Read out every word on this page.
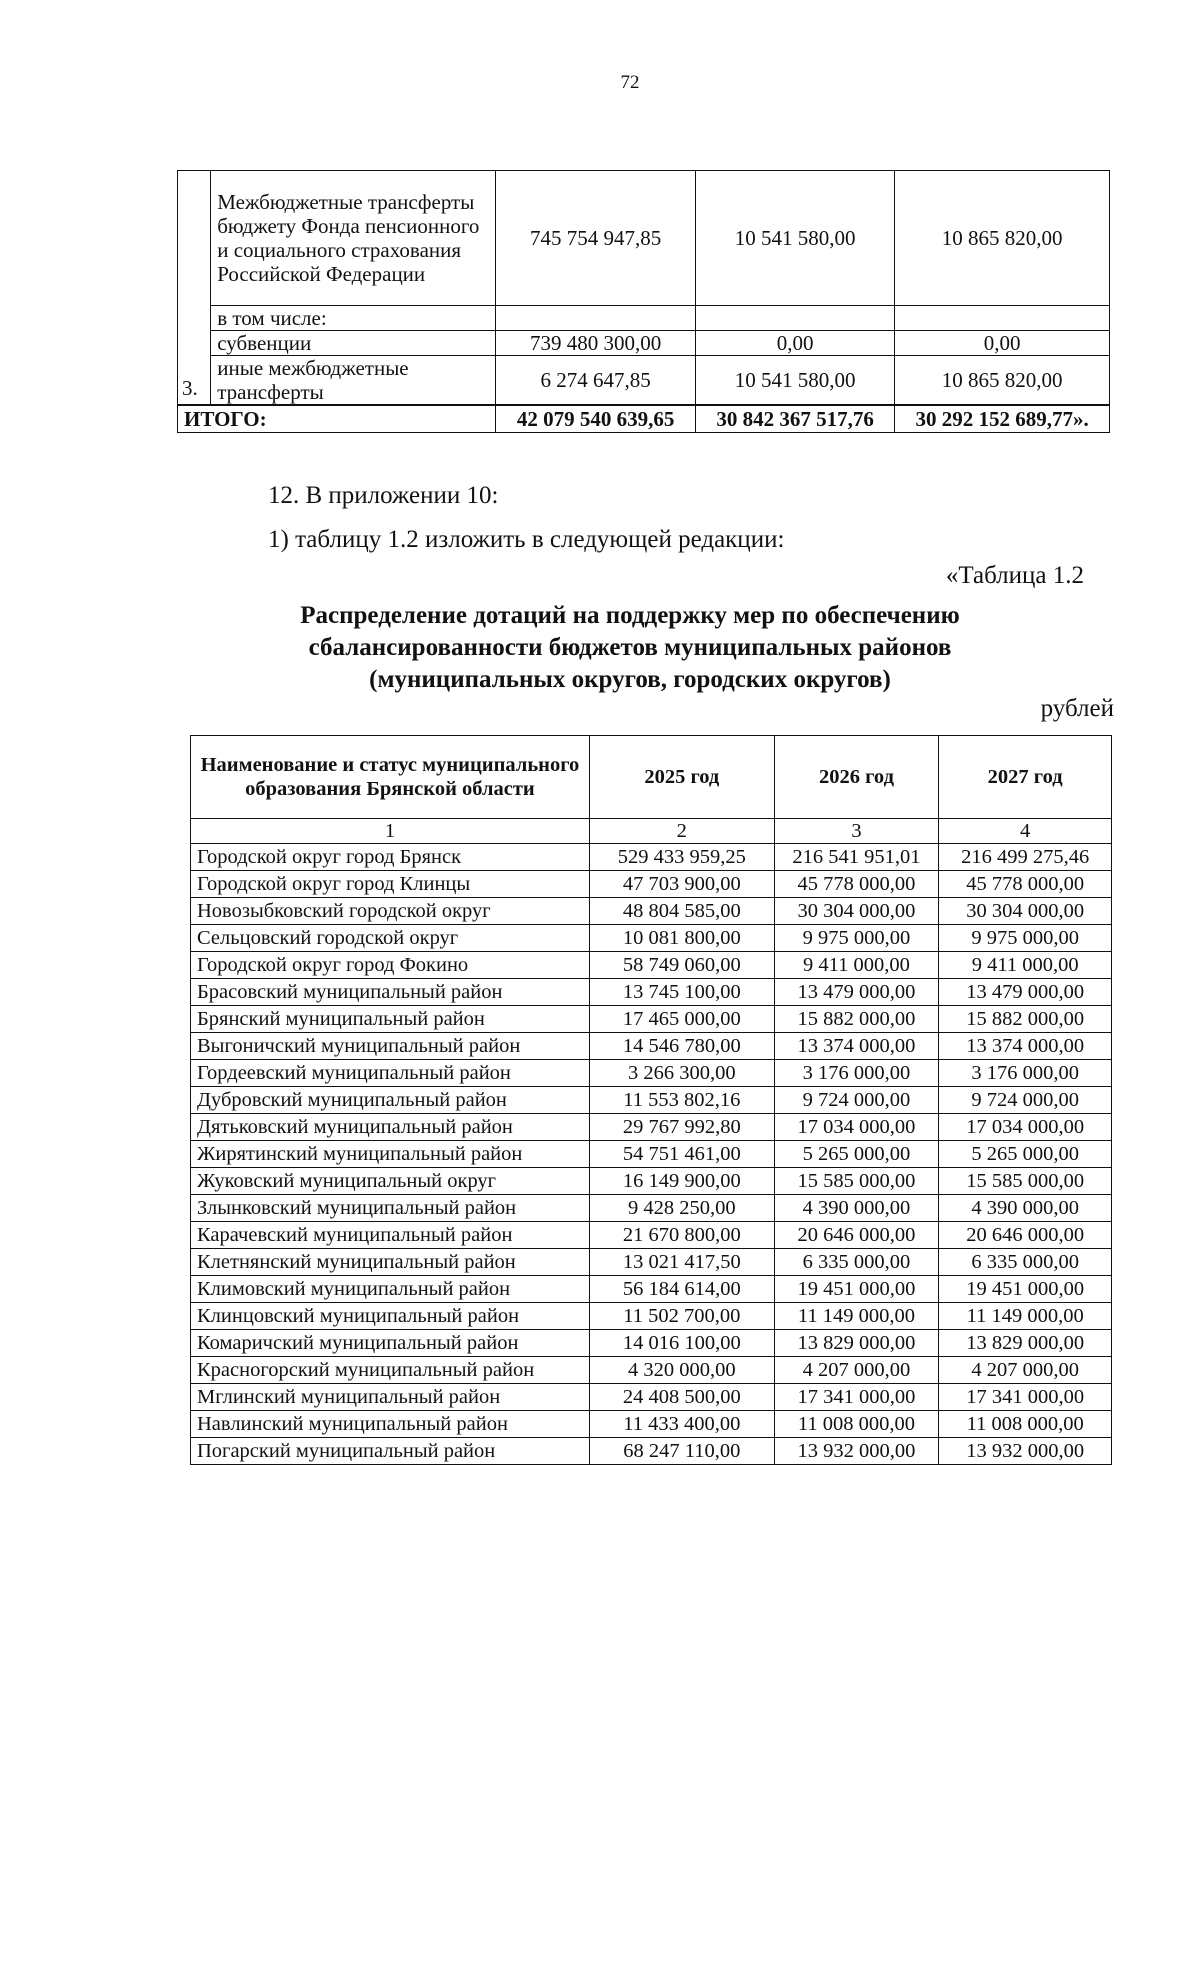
72
3.	Межбюджетные трансферты бюджету Фонда пенсионного и социального страхования Российской Федерации	745 754 947,85	10 541 580,00	10 865 820,00
	в том числе:			
	субвенции	739 480 300,00	0,00	0,00
	иные межбюджетные трансферты	6 274 647,85	10 541 580,00	10 865 820,00
ИТОГО:		42 079 540 639,65	30 842 367 517,76	30 292 152 689,77».
12. В приложении 10:
1) таблицу 1.2 изложить в следующей редакции:
«Таблица 1.2
Распределение дотаций на поддержку мер по обеспечению
сбалансированности бюджетов муниципальных районов
(муниципальных округов, городских округов)
рублей
Наименование и статус муниципального образования Брянской области	2025 год	2026 год	2027 год
1	2	3	4
Городской округ город Брянск	529 433 959,25	216 541 951,01	216 499 275,46
Городской округ город Клинцы	47 703 900,00	45 778 000,00	45 778 000,00
Новозыбковский городской округ	48 804 585,00	30 304 000,00	30 304 000,00
Сельцовский городской округ	10 081 800,00	9 975 000,00	9 975 000,00
Городской округ город Фокино	58 749 060,00	9 411 000,00	9 411 000,00
Брасовский муниципальный район	13 745 100,00	13 479 000,00	13 479 000,00
Брянский муниципальный район	17 465 000,00	15 882 000,00	15 882 000,00
Выгоничский муниципальный район	14 546 780,00	13 374 000,00	13 374 000,00
Гордеевский муниципальный район	3 266 300,00	3 176 000,00	3 176 000,00
Дубровский муниципальный район	11 553 802,16	9 724 000,00	9 724 000,00
Дятьковский муниципальный район	29 767 992,80	17 034 000,00	17 034 000,00
Жирятинский муниципальный район	54 751 461,00	5 265 000,00	5 265 000,00
Жуковский муниципальный округ	16 149 900,00	15 585 000,00	15 585 000,00
Злынковский муниципальный район	9 428 250,00	4 390 000,00	4 390 000,00
Карачевский муниципальный район	21 670 800,00	20 646 000,00	20 646 000,00
Клетнянский муниципальный район	13 021 417,50	6 335 000,00	6 335 000,00
Климовский муниципальный район	56 184 614,00	19 451 000,00	19 451 000,00
Клинцовский муниципальный район	11 502 700,00	11 149 000,00	11 149 000,00
Комаричский муниципальный район	14 016 100,00	13 829 000,00	13 829 000,00
Красногорский муниципальный район	4 320 000,00	4 207 000,00	4 207 000,00
Мглинский муниципальный район	24 408 500,00	17 341 000,00	17 341 000,00
Навлинский муниципальный район	11 433 400,00	11 008 000,00	11 008 000,00
Погарский муниципальный район	68 247 110,00	13 932 000,00	13 932 000,00
